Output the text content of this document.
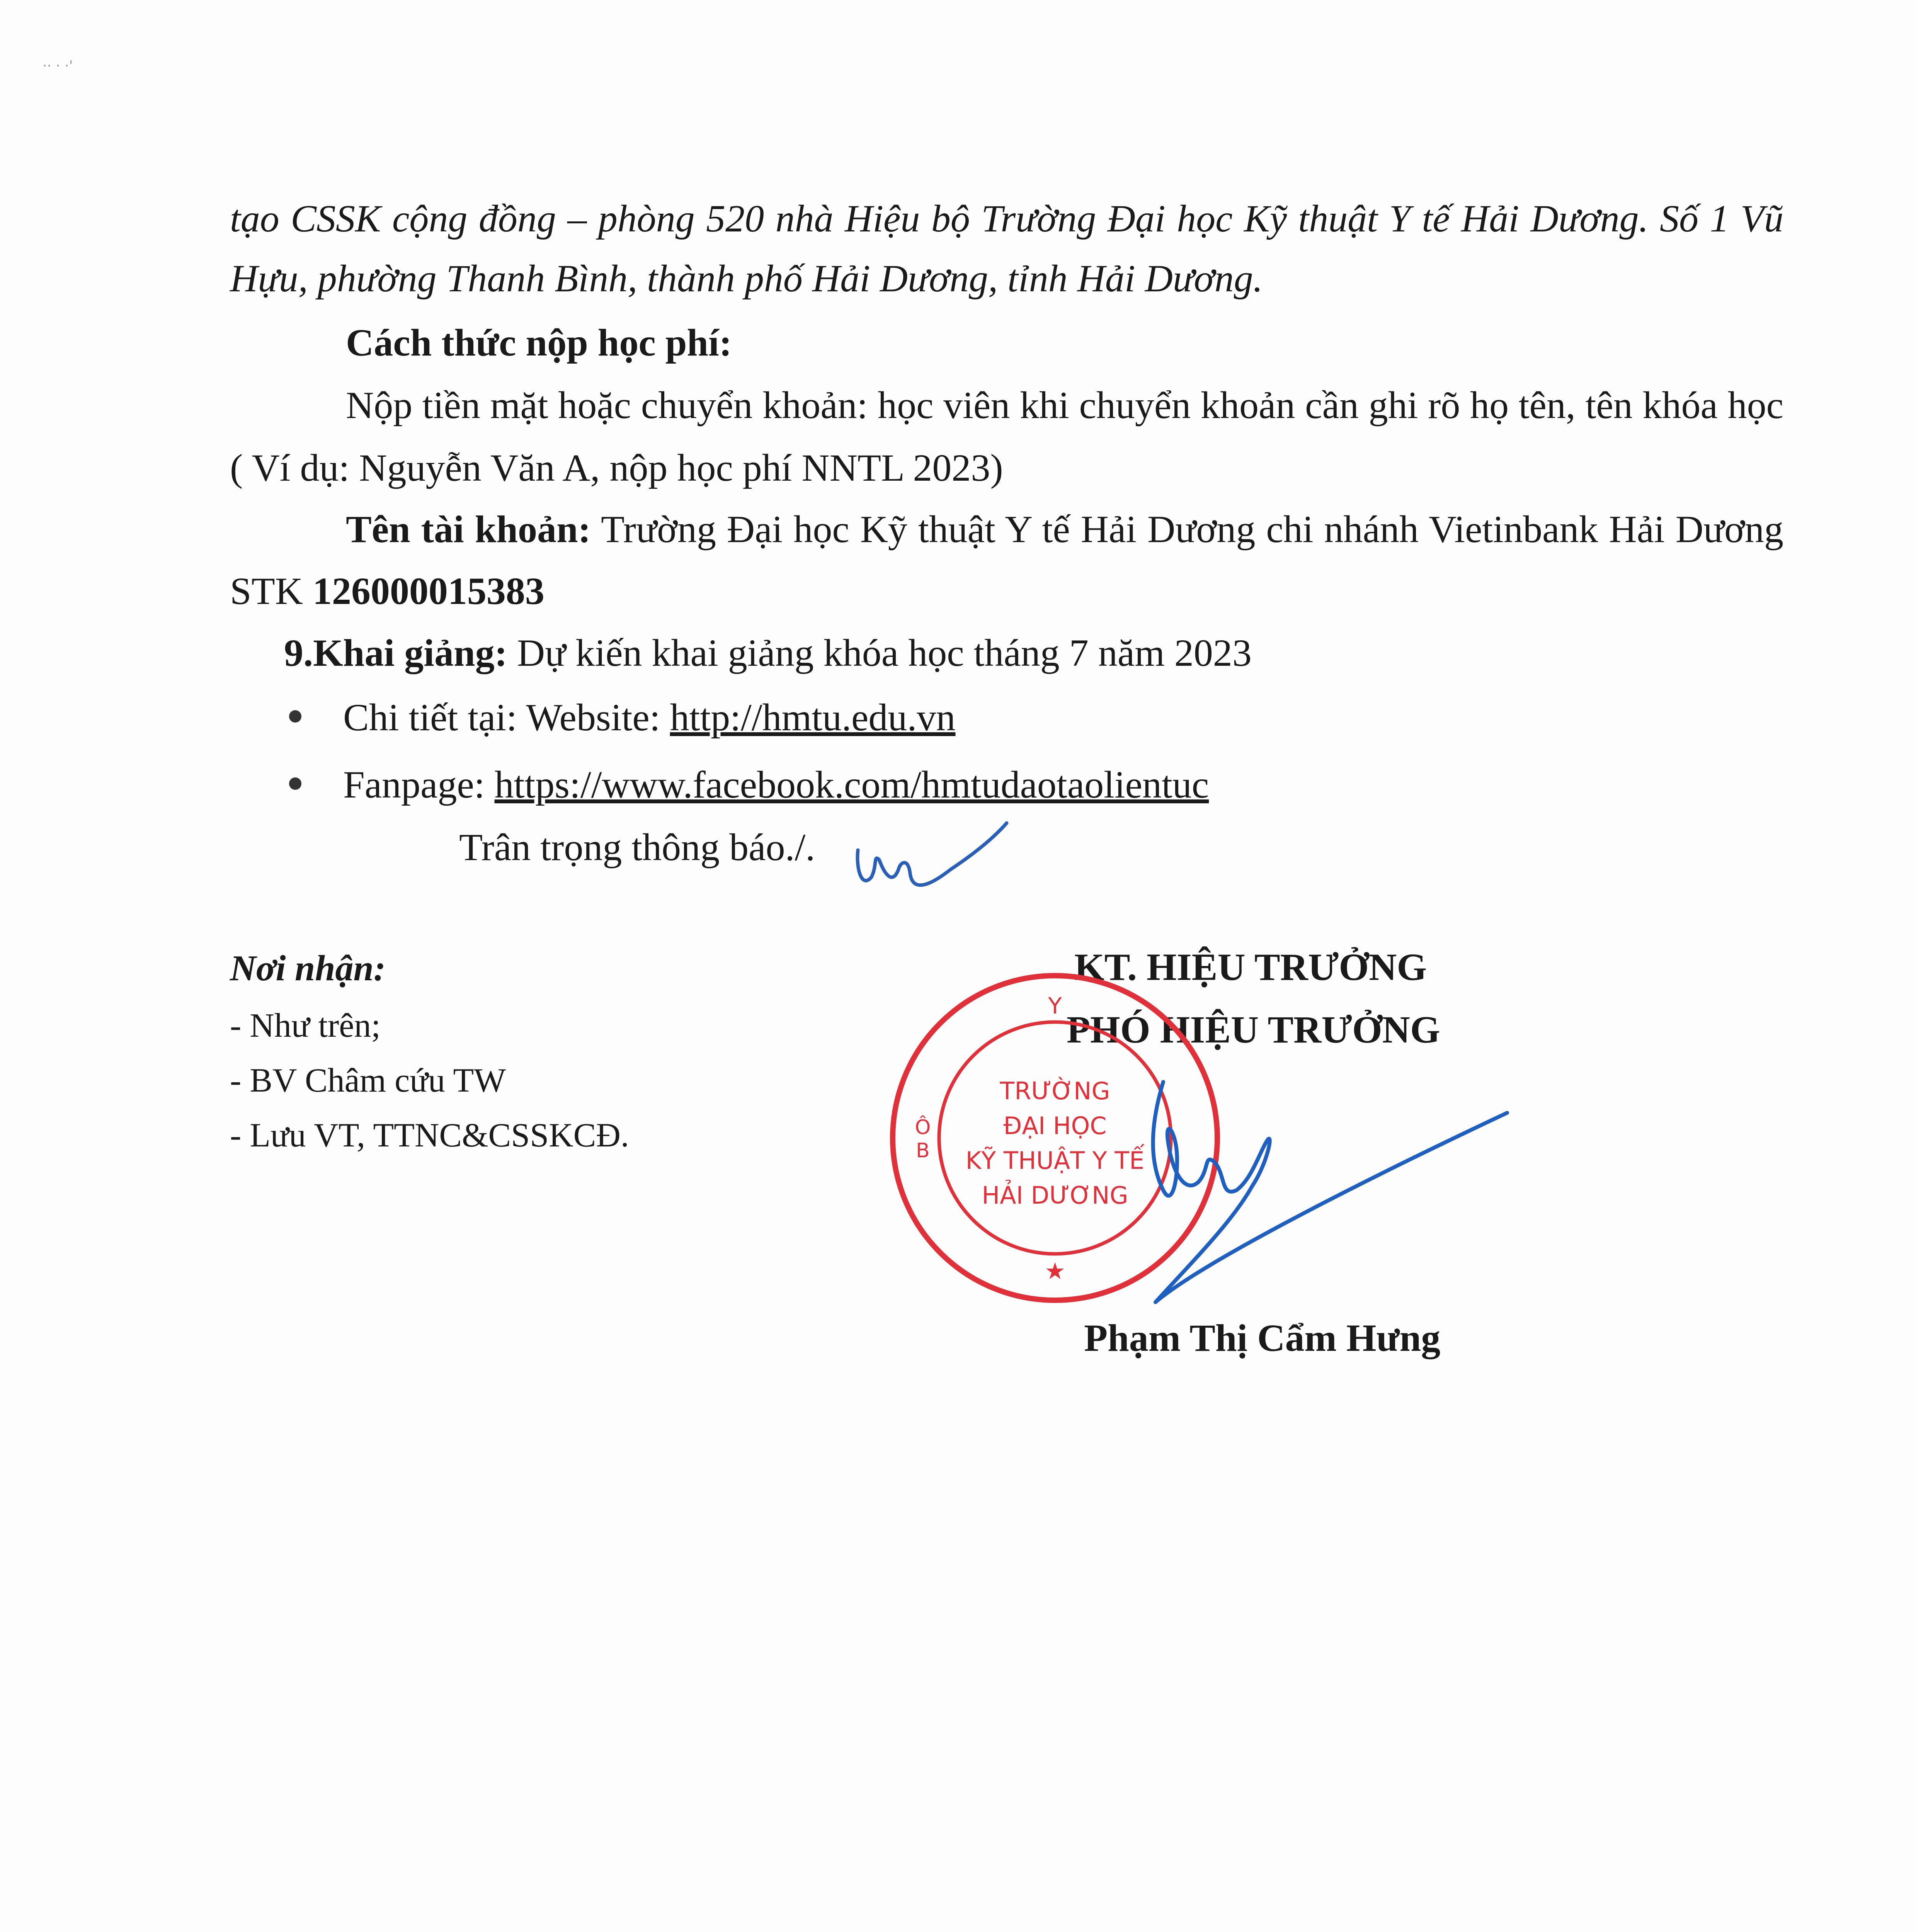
·· · ·'

tạo CSSK cộng đồng – phòng 520 nhà Hiệu bộ Trường Đại học Kỹ thuật Y tế Hải Dương. Số 1 Vũ Hựu, phường Thanh Bình, thành phố Hải Dương, tỉnh Hải Dương.

Cách thức nộp học phí:

Nộp tiền mặt hoặc chuyển khoản: học viên khi chuyển khoản cần ghi rõ họ tên, tên khóa học ( Ví dụ: Nguyễn Văn A, nộp học phí NNTL 2023)

Tên tài khoản: Trường Đại học Kỹ thuật Y tế Hải Dương chi nhánh Vietinbank Hải Dương STK 126000015383

9.Khai giảng: Dự kiến khai giảng khóa học tháng 7 năm 2023

Chi tiết tại: Website: http://hmtu.edu.vn

Fanpage: https://www.facebook.com/hmtudaotaolientuc

Trân trọng thông báo./.

Nơi nhận:

- Như trên;

- BV Châm cứu TW

- Lưu VT, TTNC&CSSKCĐ.

KT. HIỆU TRƯỞNG

PHÓ HIỆU TRƯỞNG

Y
Ô
B
TRƯỜNG
ĐẠI HỌC
KỸ THUẬT Y TẾ
HẢI DƯƠNG
★

Phạm Thị Cẩm Hưng
